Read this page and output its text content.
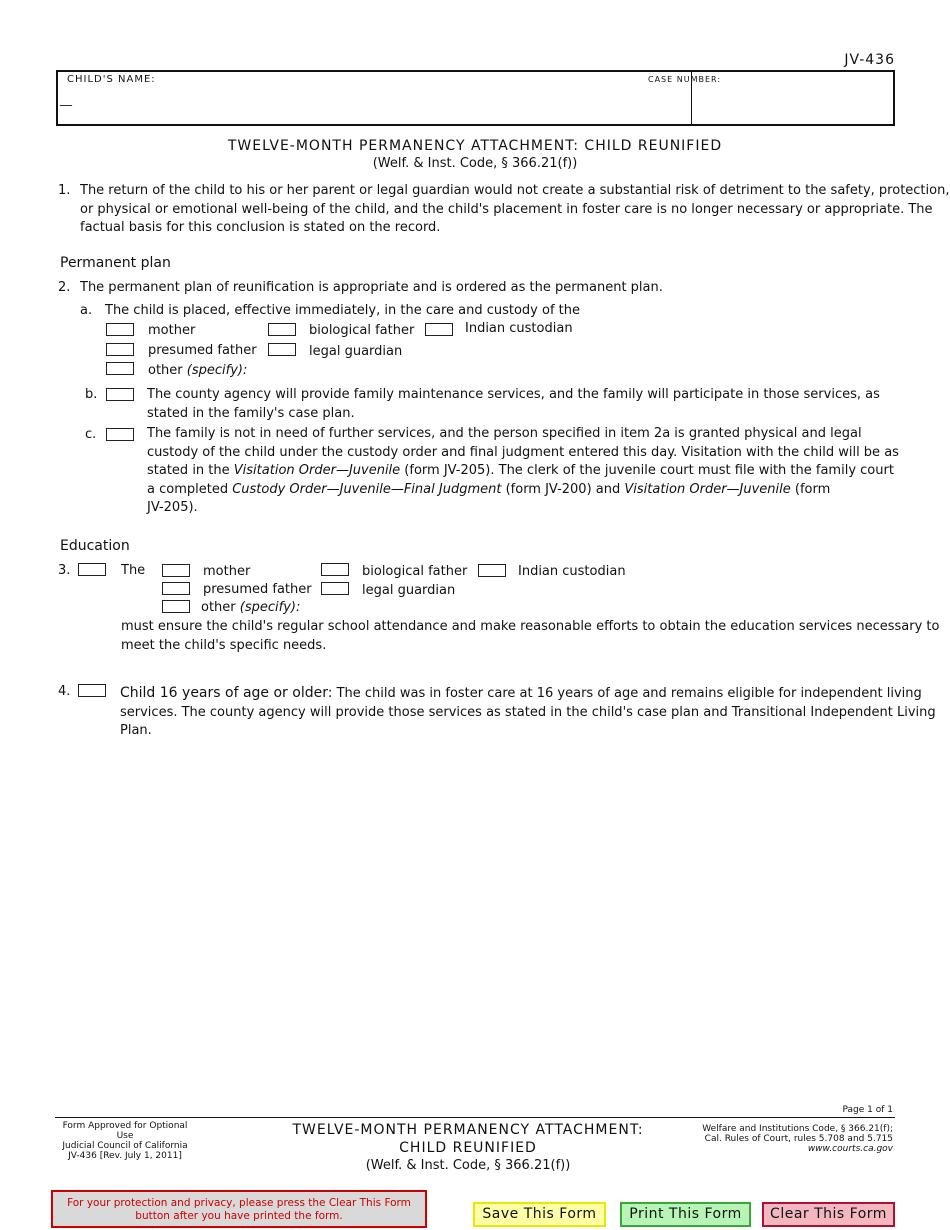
JV-436
CHILD'S NAME:
__
CASE NUMBER:
TWELVE-MONTH PERMANENCY ATTACHMENT: CHILD REUNIFIED
(Welf. & Inst. Code, § 366.21(f))
1. The return of the child to his or her parent or legal guardian would not create a substantial risk of detriment to the safety, protection,
or physical or emotional well-being of the child, and the child's placement in foster care is no longer necessary or appropriate. The
factual basis for this conclusion is stated on the record.
Permanent plan
2. The permanent plan of reunification is appropriate and is ordered as the permanent plan.
a. The child is placed, effective immediately, in the care and custody of the
mother	biological father	Indian custodian
presumed father	legal guardian
other (specify):
b.	The county agency will provide family maintenance services, and the family will participate in those services, as
stated in the family's case plan.
c.	The family is not in need of further services, and the person specified in item 2a is granted physical and legal
custody of the child under the custody order and final judgment entered this day. Visitation with the child will be as
stated in the Visitation Order—Juvenile (form JV-205). The clerk of the juvenile court must file with the family court
a completed Custody Order—Juvenile—Final Judgment (form JV-200) and Visitation Order—Juvenile (form
JV-205).
Education
3.	The	mother	biological father	Indian custodian
presumed father	legal guardian
other (specify):
must ensure the child's regular school attendance and make reasonable efforts to obtain the education services necessary to
meet the child's specific needs.
4.	Child 16 years of age or older: The child was in foster care at 16 years of age and remains eligible for independent living
services. The county agency will provide those services as stated in the child's case plan and Transitional Independent Living
Plan.
Page 1 of 1
Form Approved for Optional Use
Judicial Council of California
JV-436 [Rev. July 1, 2011]
TWELVE-MONTH PERMANENCY ATTACHMENT:
CHILD REUNIFIED
(Welf. & Inst. Code, § 366.21(f))
Welfare and Institutions Code, § 366.21(f);
Cal. Rules of Court, rules 5.708 and 5.715
www.courts.ca.gov
For your protection and privacy, please press the Clear This Form
button after you have printed the form.	Save This Form	Print This Form	Clear This Form
